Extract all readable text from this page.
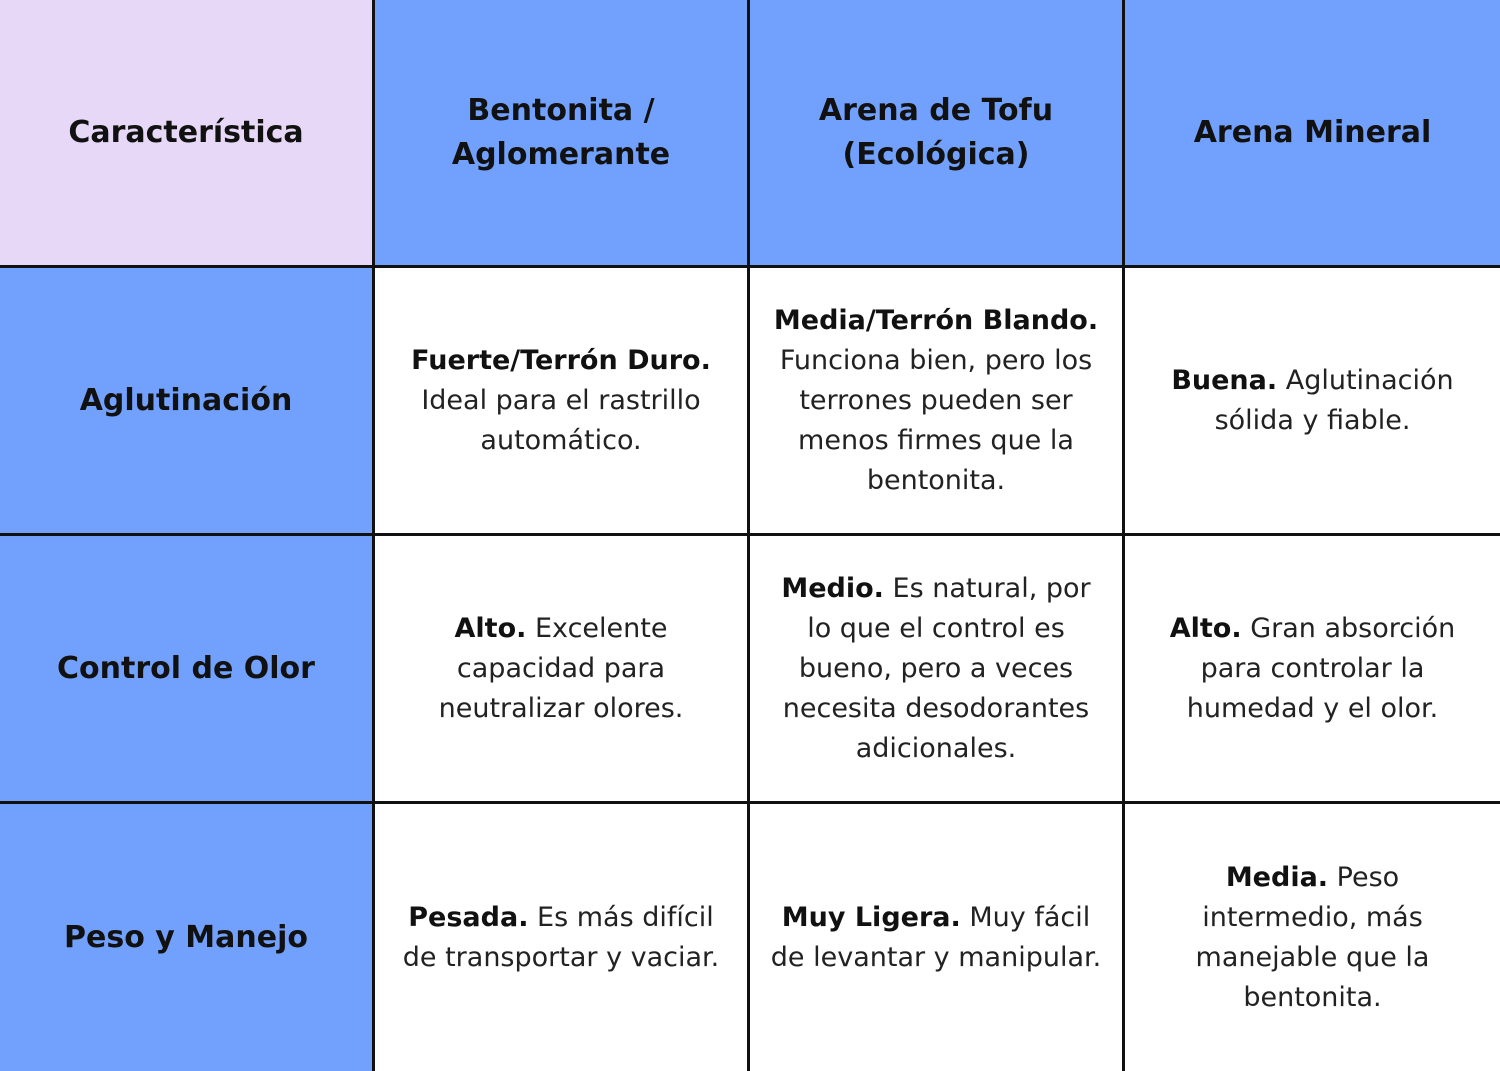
Característica
Bentonita / Aglomerante
Arena de Tofu (Ecológica)
Arena Mineral
Aglutinación

Fuerte/Terrón Duro. Ideal para el rastrillo automático.

Media/Terrón Blando. Funciona bien, pero los terrones pueden ser menos firmes que la bentonita.

Buena. Aglutinación sólida y fiable.

Control de Olor

Alto. Excelente capacidad para neutralizar olores.

Medio. Es natural, por lo que el control es bueno, pero a veces necesita desodorantes adicionales.

Alto. Gran absorción para controlar la humedad y el olor.

Peso y Manejo

Pesada. Es más difícil de transportar y vaciar.

Muy Ligera. Muy fácil de levantar y manipular.

Media. Peso intermedio, más manejable que la bentonita.
